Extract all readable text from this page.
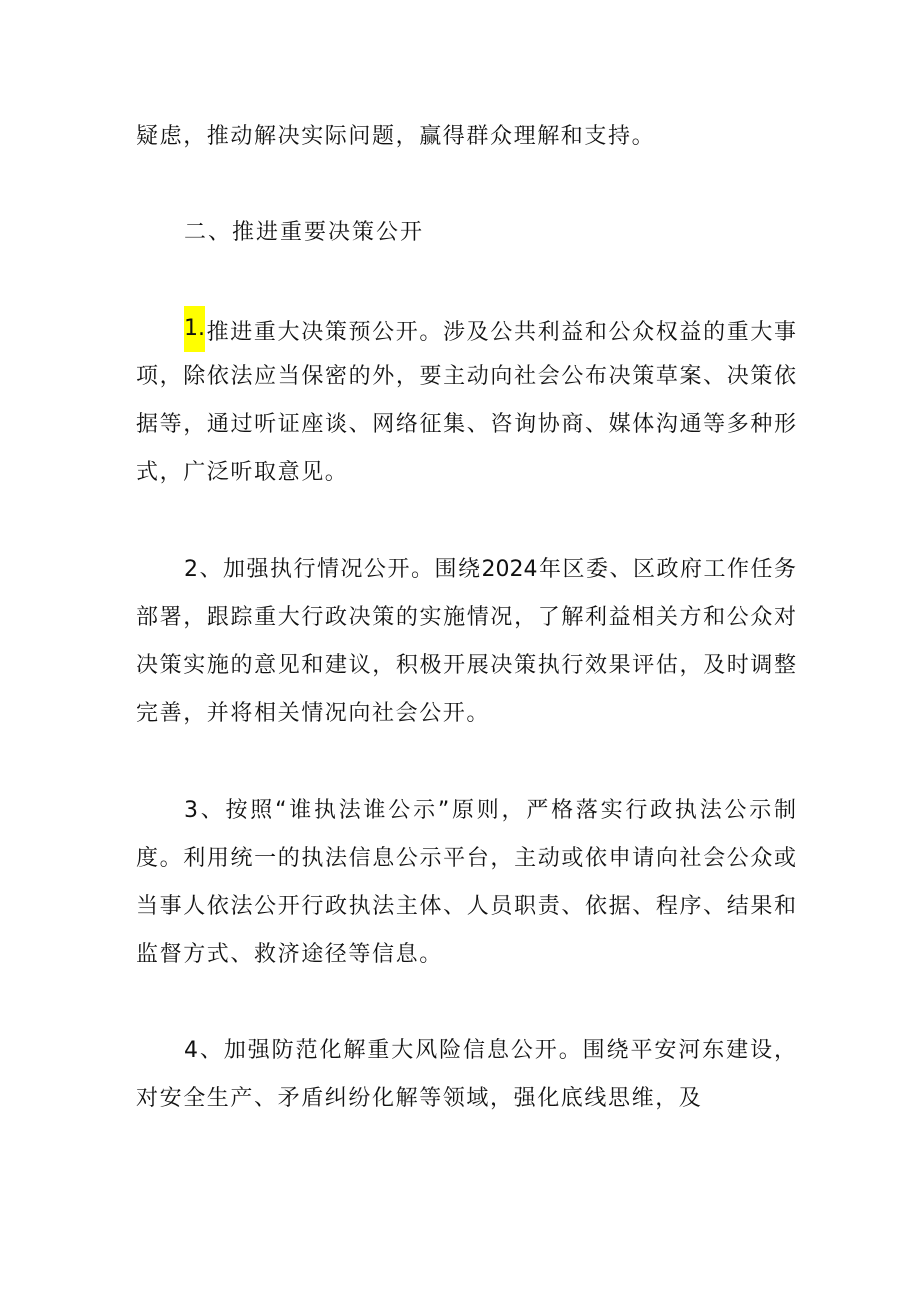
疑虑，推动解决实际问题，赢得群众理解和支持。
二、推进重要决策公开
1.推进重大决策预公开。涉及公共利益和公众权益的重大事
项，除依法应当保密的外，要主动向社会公布决策草案、决策依
据等，通过听证座谈、网络征集、咨询协商、媒体沟通等多种形
式，广泛听取意见。
2、加强执行情况公开。围绕2024年区委、区政府工作任务
部署，跟踪重大行政决策的实施情况，了解利益相关方和公众对
决策实施的意见和建议，积极开展决策执行效果评估，及时调整
完善，并将相关情况向社会公开。
3、按照“谁执法谁公示”原则，严格落实行政执法公示制
度。利用统一的执法信息公示平台，主动或依申请向社会公众或
当事人依法公开行政执法主体、人员职责、依据、程序、结果和
监督方式、救济途径等信息。
4、加强防范化解重大风险信息公开。围绕平安河东建设，
对安全生产、矛盾纠纷化解等领域，强化底线思维，及
